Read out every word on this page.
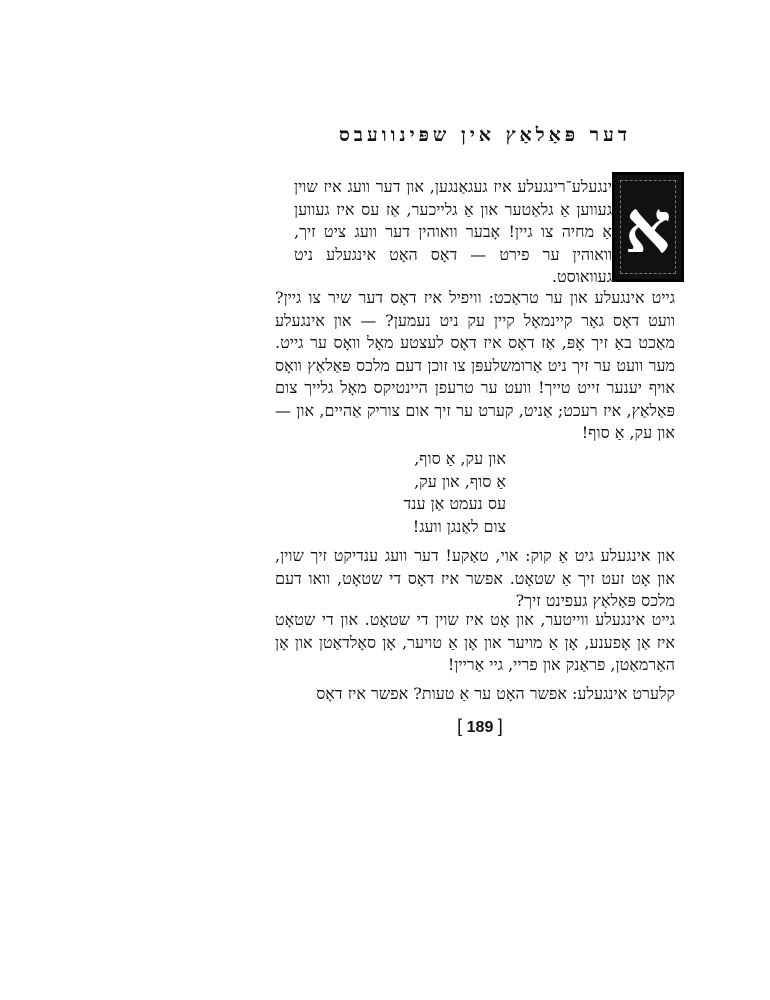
דער פּאַלאַץ אין שפּינוועבס
א

ינגעלע־רינגעלע איז געגאַנגען, און דער וועג איז שוין געווען אַ גלאַטער און אַ גלייכער, אַז עס איז געווען אַ מחיה צו גיין! אָבער וואוהין דער וועג ציט זיך, וואוהין ער פירט — דאָס האָט אינגעלע ניט געוואוסט.

גייט אינגעלע און ער טראַכט: וויפיל איז דאָס דער שיר צו גיין? וועט דאָס גאָר קיינמאָל קיין עק ניט נעמען? — און אינגעלע מאַכט באַ זיך אָפּ, אַז דאָס איז דאָס לעצטע מאָל וואָס ער גייט. מער וועט ער זיך ניט אַרומשלעפּן צו זוכן דעם מלכס פּאַלאַץ וואָס אויף יענער זייט טייך! וועט ער טרעפן היינטיקס מאָל גלייך צום פּאַלאַץ, איז רעכט; אַניט, קערט ער זיך אום צוריק אַהיים, און — און עק, אַ סוף!

און עק, אַ סוף,
אַ סוף, און עק,
עס נעמט אַן ענד
צום לאַנגן וועג!

און אינגעלע גיט אַ קוק: אוי, טאַקע! דער וועג ענדיקט זיך שוין, און אָט זעט זיך אַ שטאָט. אפשר איז דאָס די שטאָט, וואו דעם מלכס פּאַלאַץ געפינט זיך?

גייט אינגעלע ווייטער, און אָט איז שוין די שטאָט. און די שטאָט איז אַן אָפענע, אָן אַ מויער און אָן אַ טויער, אָן סאָלדאַטן און אָן האַרמאַטן, פראַנק און פריי, גיי אַריין!

קלערט אינגעלע: אפשר האָט ער אַ טעות? אפשר איז דאָס

[ 189 ]
